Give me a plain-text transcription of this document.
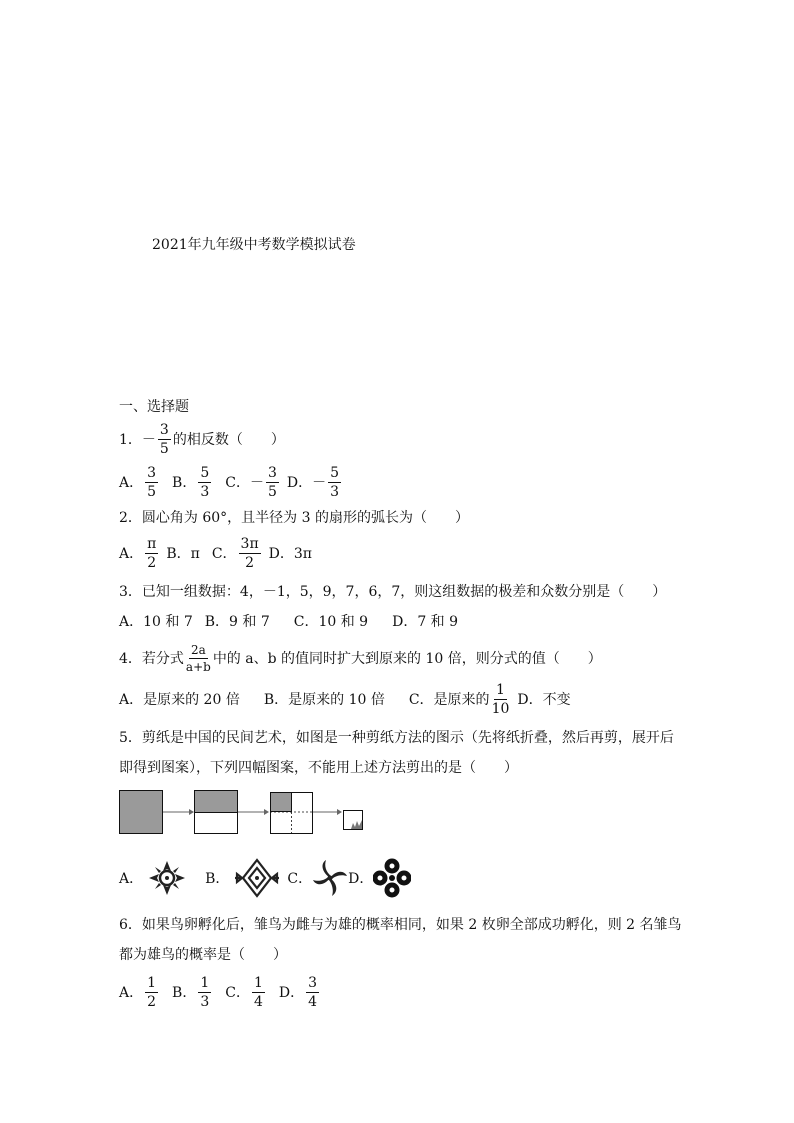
2021年九年级中考数学模拟试卷
一、选择题
1． － $\frac{3}{5}$ 的相反数（　　）
A． $\frac{3}{5}$ B． $\frac{5}{3}$ C．－ $\frac{3}{5}$ D．－ $\frac{5}{3}$
2．圆心角为 60°，且半径为 3 的扇形的弧长为（　　）
A． $\frac{\pi}{2}$ B．π C． $\frac{3\pi}{2}$ D．3π
3．已知一组数据：4，－1，5，9，7，6，7，则这组数据的极差和众数分别是（　　）
A．10 和 7 B．9 和 7 C．10 和 9 D．7 和 9
4．若分式 $\frac{2a}{a+b}$ 中的 a、b 的值同时扩大到原来的 10 倍，则分式的值（　　）
A．是原来的 20 倍 B．是原来的 10 倍 C．是原来的 $\frac{1}{10}$ D．不变
5．剪纸是中国的民间艺术，如图是一种剪纸方法的图示（先将纸折叠，然后再剪，展开后
即得到图案），下列四幅图案，不能用上述方法剪出的是（　　）
A．	B．	C．	D．
6．如果鸟卵孵化后，雏鸟为雌与为雄的概率相同，如果 2 枚卵全部成功孵化，则 2 名雏鸟
都为雄鸟的概率是（　　）
A． $\frac{1}{2}$ B． $\frac{1}{3}$ C． $\frac{1}{4}$ D． $\frac{3}{4}$
